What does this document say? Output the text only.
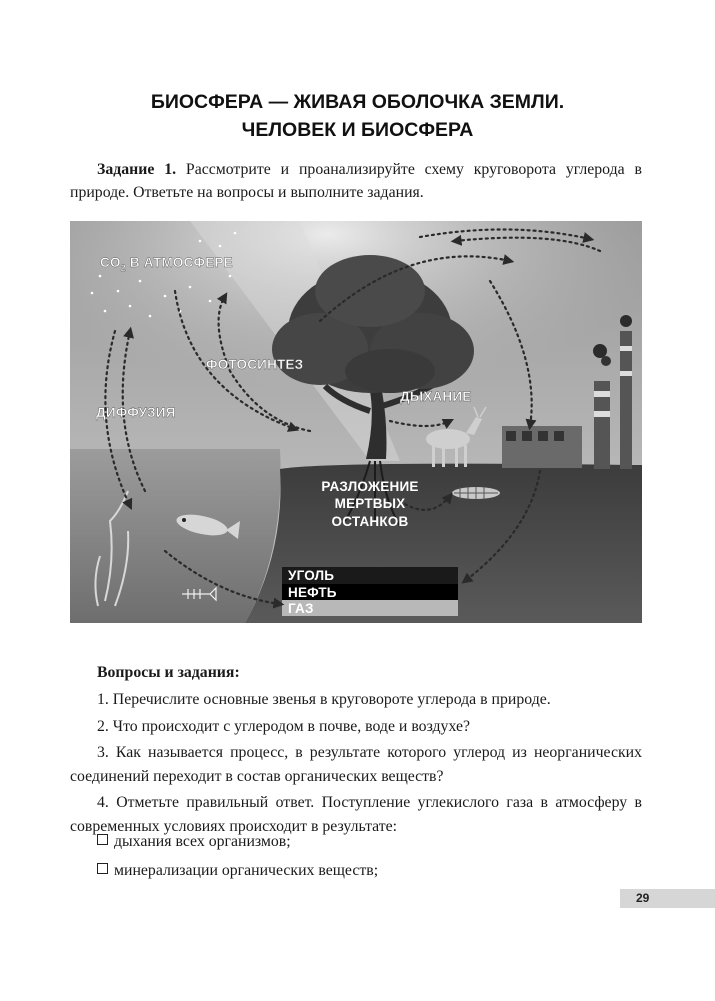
БИОСФЕРА — ЖИВАЯ ОБОЛОЧКА ЗЕМЛИ.
ЧЕЛОВЕК И БИОСФЕРА
Задание 1. Рассмотрите и проанализируйте схему круговорота углерода в природе. Ответьте на вопросы и выполните задания.
$CO_2$ В АТМОСФЕРЕ
ФОТОСИНТЕЗ
ДЫХАНИЕ
ДИФФУЗИЯ
РАЗЛОЖЕНИЕ
МЕРТВЫХ
ОСТАНКОВ
УГОЛЬ
НЕФТЬ
ГАЗ
Вопросы и задания:

1. Перечислите основные звенья в круговороте углерода в природе.

2. Что происходит с углеродом в почве, воде и воздухе?

3. Как называется процесс, в результате которого углерод из неорганических соединений переходит в состав органических веществ?

4. Отметьте правильный ответ. Поступление углекислого газа в атмосферу в современных условиях происходит в результате:

дыхания всех организмов;
минерализации органических веществ;
29
